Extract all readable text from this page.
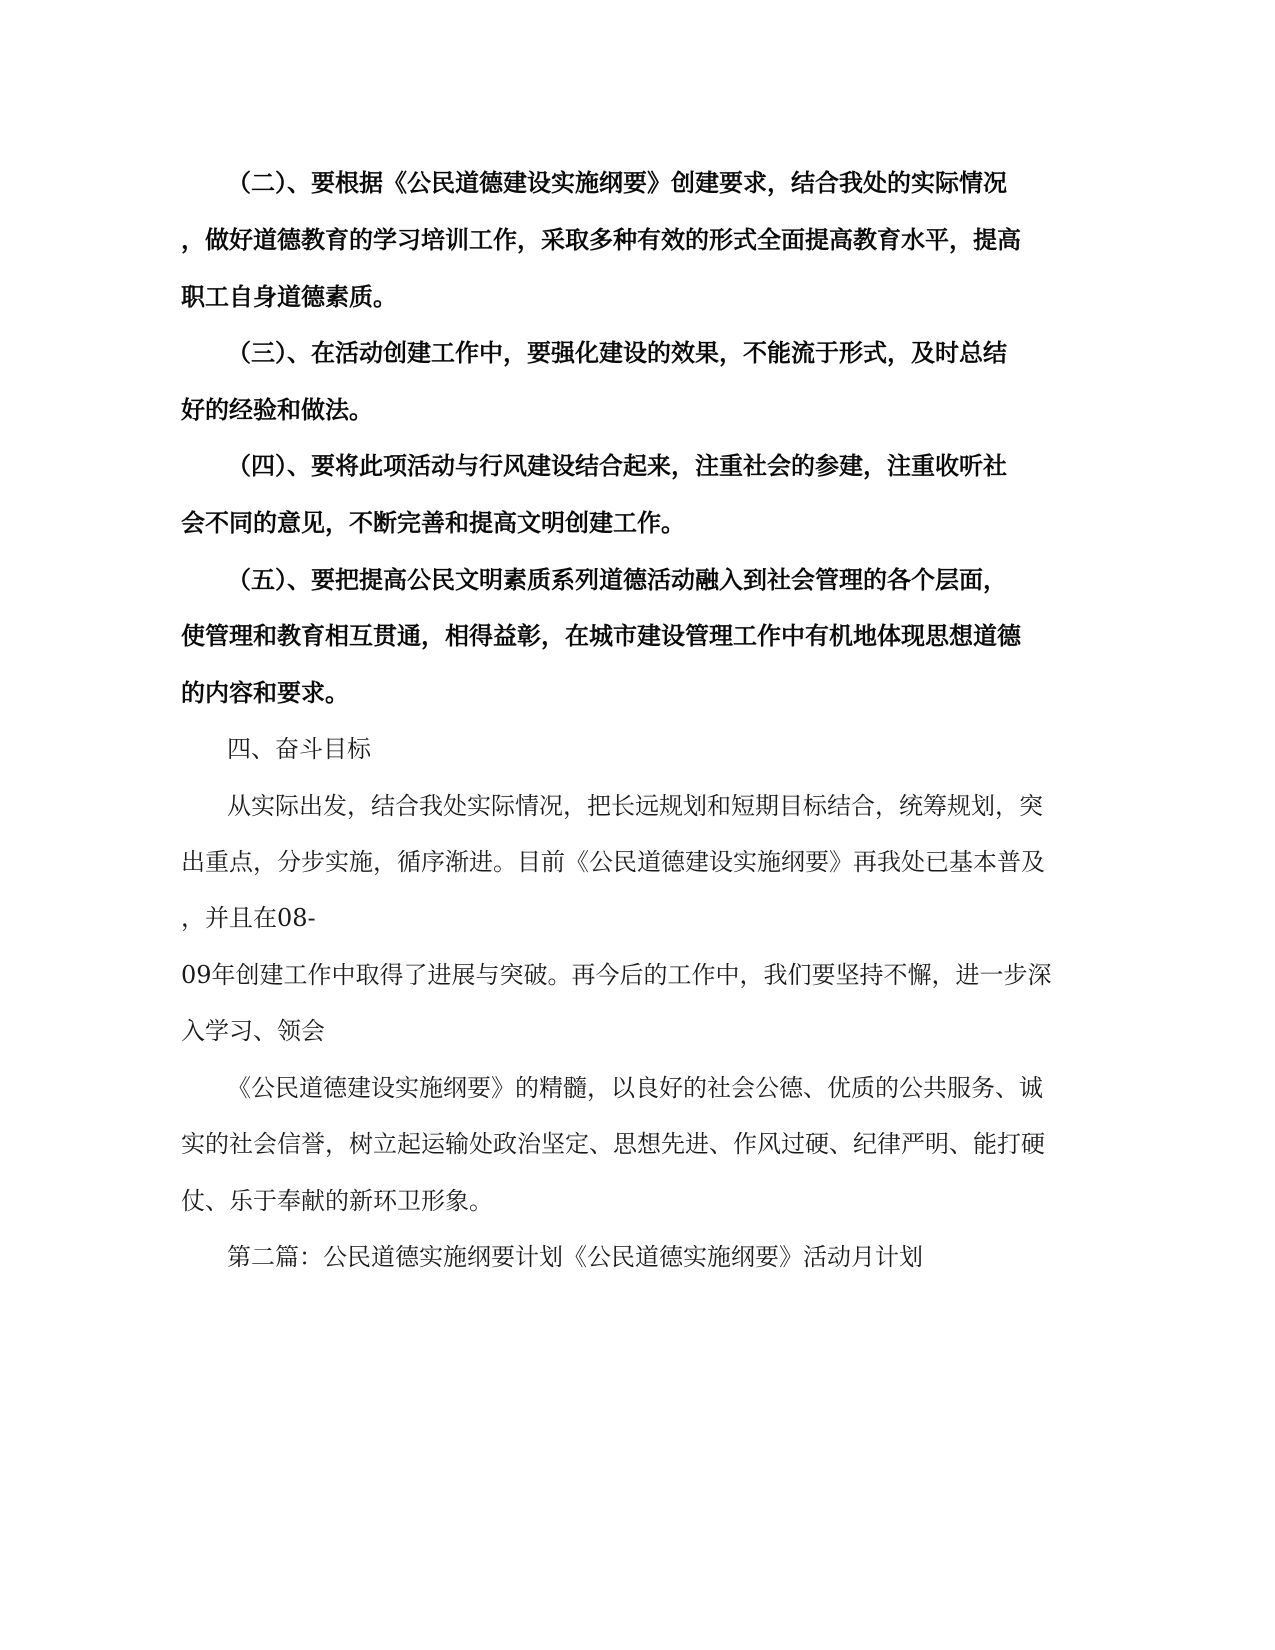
（二）、要根据《公民道德建设实施纲要》创建要求，结合我处的实际情况
，做好道德教育的学习培训工作，采取多种有效的形式全面提高教育水平，提高
职工自身道德素质。
（三）、在活动创建工作中，要强化建设的效果，不能流于形式，及时总结
好的经验和做法。
（四）、要将此项活动与行风建设结合起来，注重社会的参建，注重收听社
会不同的意见，不断完善和提高文明创建工作。
（五）、要把提高公民文明素质系列道德活动融入到社会管理的各个层面，
使管理和教育相互贯通，相得益彰，在城市建设管理工作中有机地体现思想道德
的内容和要求。
四、奋斗目标
从实际出发，结合我处实际情况，把长远规划和短期目标结合，统筹规划，突
出重点，分步实施，循序渐进。目前《公民道德建设实施纲要》再我处已基本普及
，并且在08-
09年创建工作中取得了进展与突破。再今后的工作中，我们要坚持不懈，进一步深
入学习、领会
《公民道德建设实施纲要》的精髓，以良好的社会公德、优质的公共服务、诚
实的社会信誉，树立起运输处政治坚定、思想先进、作风过硬、纪律严明、能打硬
仗、乐于奉献的新环卫形象。
第二篇：公民道德实施纲要计划《公民道德实施纲要》活动月计划
